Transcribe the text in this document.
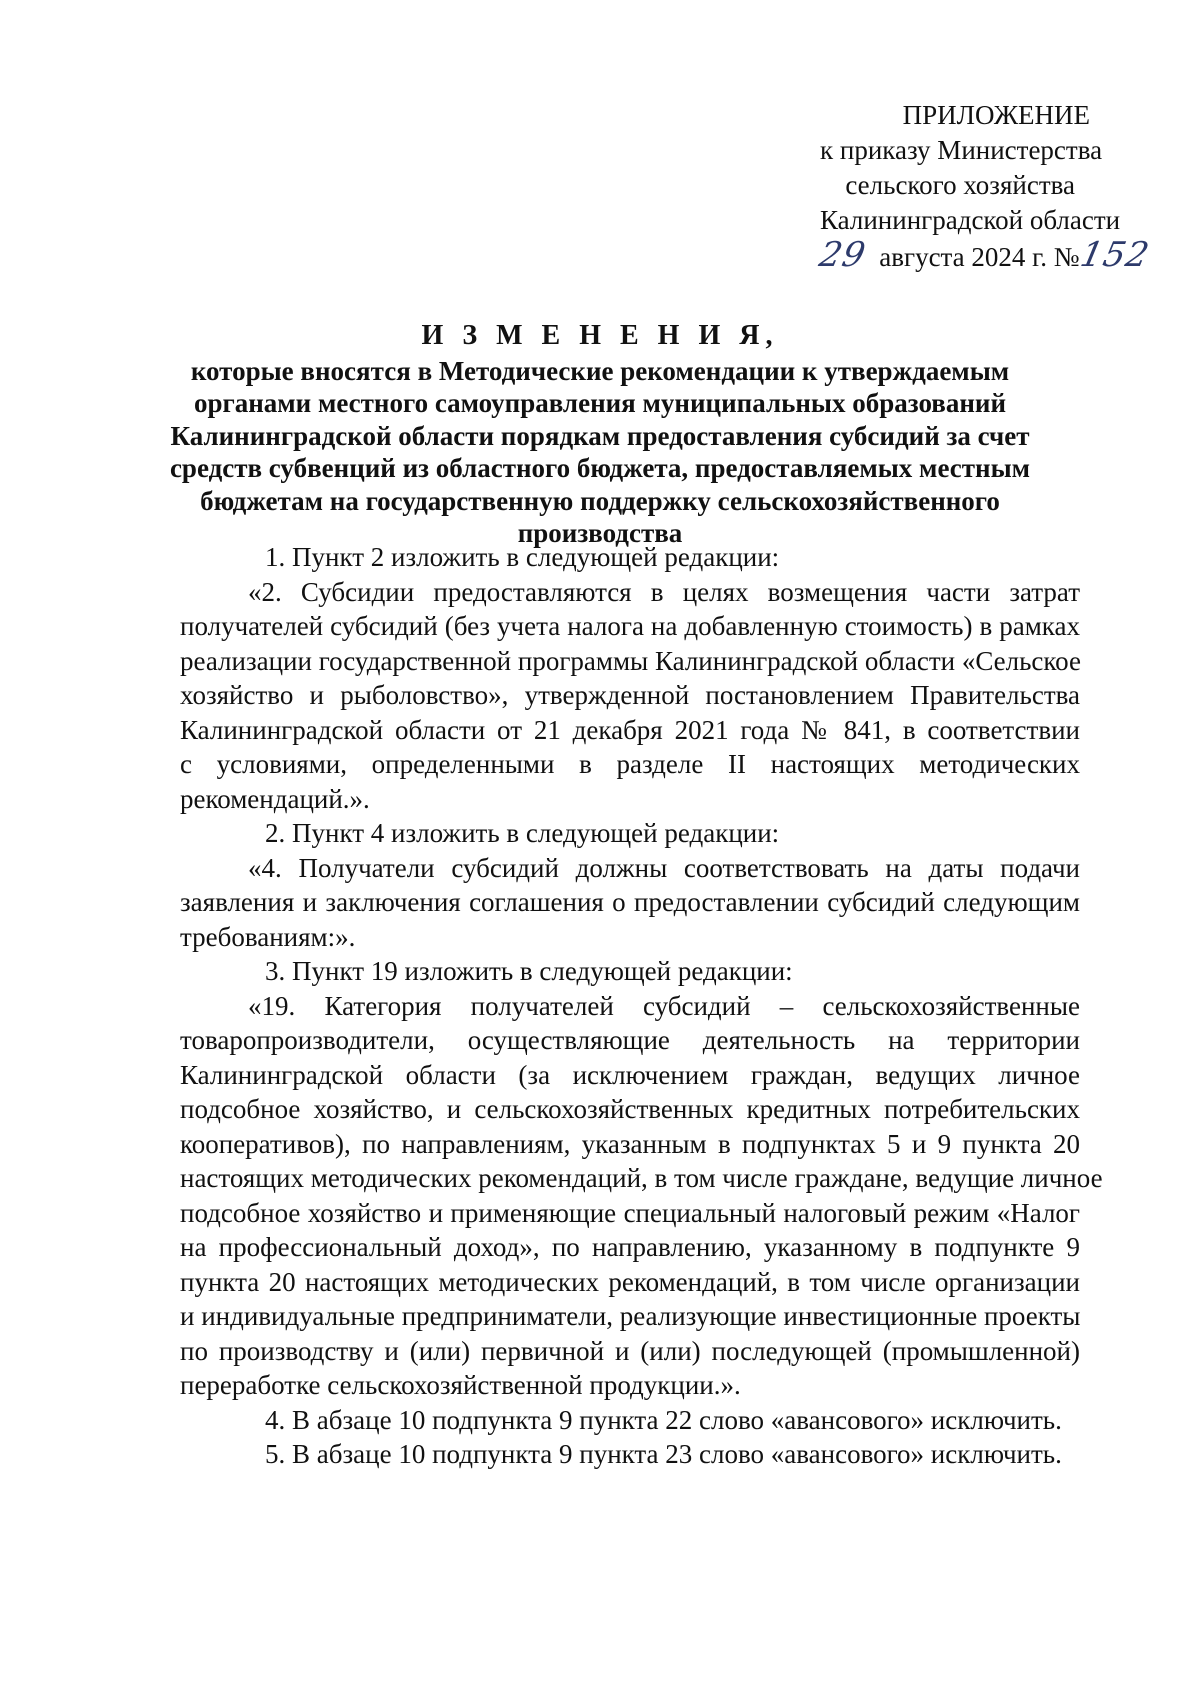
ПРИЛОЖЕНИЕ
к приказу Министерства
сельского хозяйства
Калининградской области
29 августа 2024 г. №152
И З М Е Н Е Н И Я,
которые вносятся в Методические рекомендации к утверждаемым
органами местного самоуправления муниципальных образований
Калининградской области порядкам предоставления субсидий за счет
средств субвенций из областного бюджета, предоставляемых местным
бюджетам на государственную поддержку сельскохозяйственного
производства
1. Пункт 2 изложить в следующей редакции:
«2. Субсидии предоставляются в целях возмещения части затрат
получателей субсидий (без учета налога на добавленную стоимость) в рамках
реализации государственной программы Калининградской области «Сельское
хозяйство и рыболовство», утвержденной постановлением Правительства
Калининградской области от 21 декабря 2021 года № 841, в соответствии
с условиями, определенными в разделе II настоящих методических
рекомендаций.».
2. Пункт 4 изложить в следующей редакции:
«4. Получатели субсидий должны соответствовать на даты подачи
заявления и заключения соглашения о предоставлении субсидий следующим
требованиям:».
3. Пункт 19 изложить в следующей редакции:
«19. Категория получателей субсидий – сельскохозяйственные
товаропроизводители, осуществляющие деятельность на территории
Калининградской области (за исключением граждан, ведущих личное
подсобное хозяйство, и сельскохозяйственных кредитных потребительских
кооперативов), по направлениям, указанным в подпунктах 5 и 9 пункта 20
настоящих методических рекомендаций, в том числе граждане, ведущие личное
подсобное хозяйство и применяющие специальный налоговый режим «Налог
на профессиональный доход», по направлению, указанному в подпункте 9
пункта 20 настоящих методических рекомендаций, в том числе организации
и индивидуальные предприниматели, реализующие инвестиционные проекты
по производству и (или) первичной и (или) последующей (промышленной)
переработке сельскохозяйственной продукции.».
4. В абзаце 10 подпункта 9 пункта 22 слово «авансового» исключить.
5. В абзаце 10 подпункта 9 пункта 23 слово «авансового» исключить.
